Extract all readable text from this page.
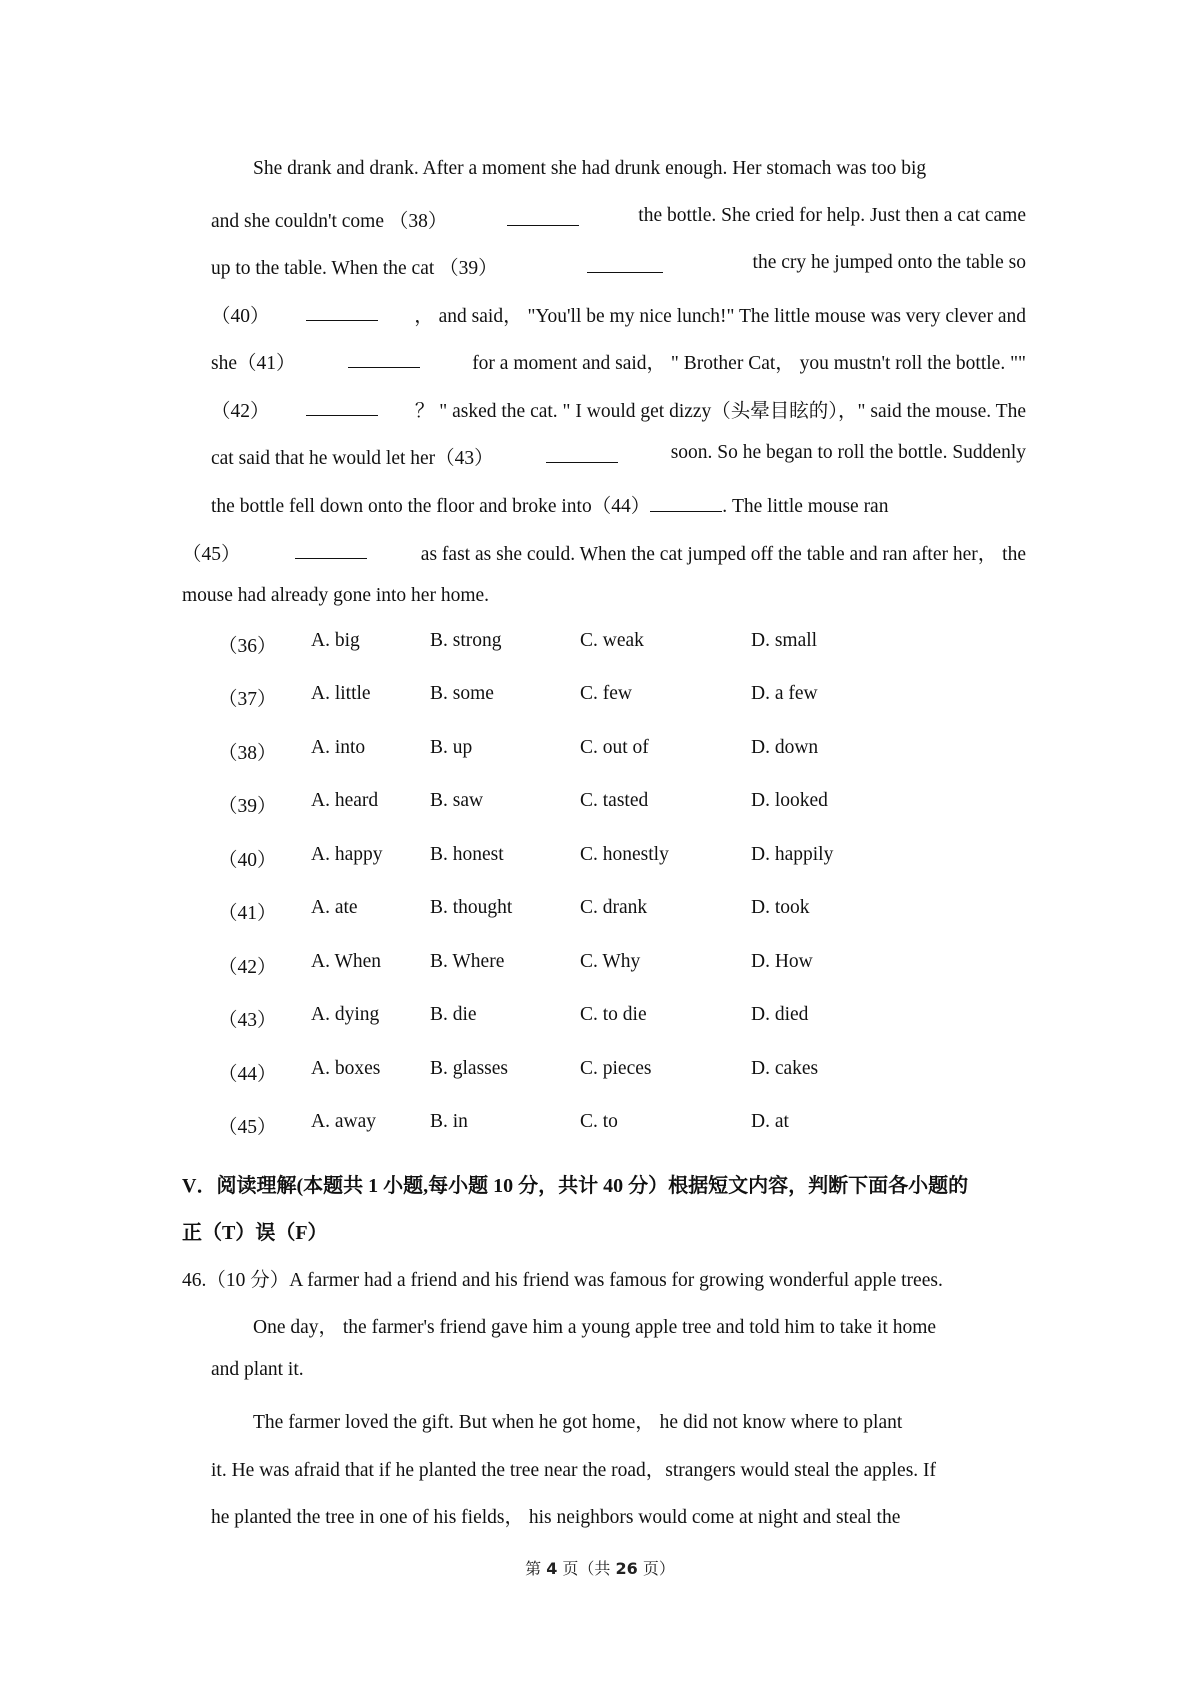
She drank and drank. After a moment she had drunk enough. Her stomach was too big
and she couldn't come （38）	the bottle. She cried for help. Just then a cat came
up to the table. When the cat （39）	the cry he jumped onto the table so
（40）	， and said， "You'll be my nice lunch!" The little mouse was very clever and
she（41）	for a moment and said， " Brother Cat， you mustn't roll the bottle. ""
（42）	？ " asked the cat. " I would get dizzy（头晕目眩的），" said the mouse. The
cat said that he would let her（43）	soon. So he began to roll the bottle. Suddenly
the bottle fell down onto the floor and broke into（44）	. The little mouse ran
（45）	as fast as she could. When the cat jumped off the table and ran after her， the
mouse had already gone into her home.
（36） A. big	B. strong	C. weak	D. small
（37） A. little	B. some	C. few	D. a few
（38） A. into	B. up	C. out of	D. down
（39） A. heard	B. saw	C. tasted	D. looked
（40） A. happy B. honest	C. honestly	D. happily
（41） A. ate	B. thought	C. drank	D. took
（42） A. When	B. Where	C. Why	D. How
（43） A. dying	B. die	C. to die	D. died
（44） A. boxes	B. glasses	C. pieces	D. cakes
（45） A. away	B. in	C. to	D. at
V．阅读理解(本题共 1 小题,每小题 10 分，共计 40 分）根据短文内容，判断下面各小题的
正（T）误（F）
46.（10 分）A farmer had a friend and his friend was famous for growing wonderful apple trees.
One day， the farmer's friend gave him a young apple tree and told him to take it home
and plant it.
The farmer loved the gift. But when he got home， he did not know where to plant
it. He was afraid that if he planted the tree near the road，strangers would steal the apples. If
he planted the tree in one of his fields， his neighbors would come at night and steal the
第 4 页（共 26 页）
